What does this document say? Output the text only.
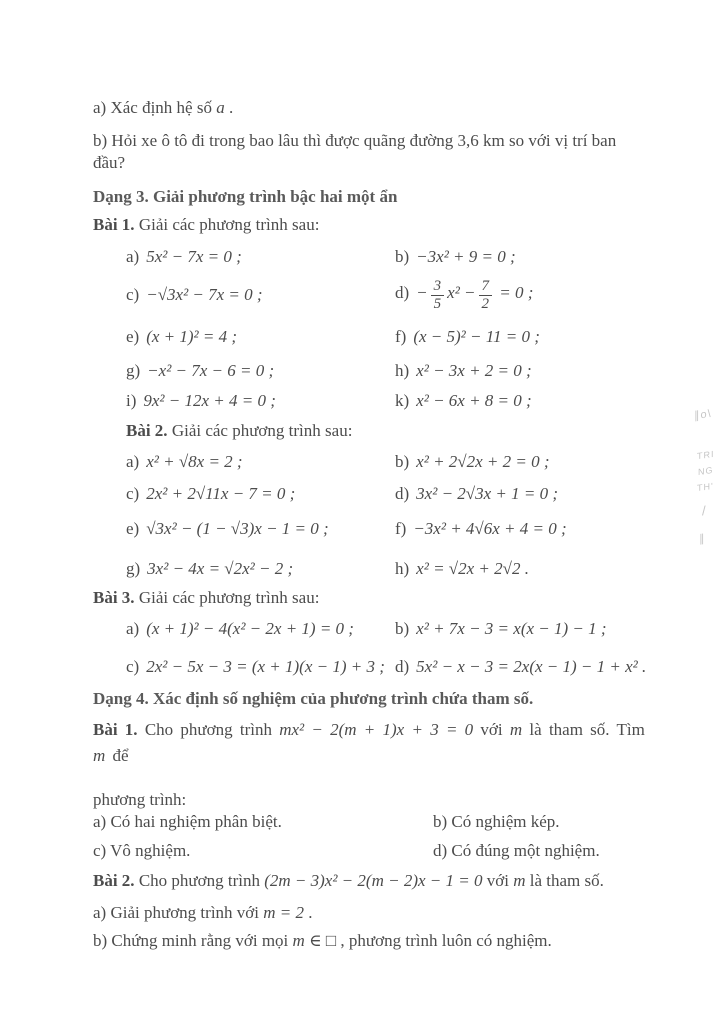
∥o\
TRI
NG
TH'
/
∥

a) Xác định hệ số a .

b) Hỏi xe ô tô đi trong bao lâu thì được quãng đường 3,6 km so với vị trí ban đầu?

Dạng 3. Giải phương trình bậc hai một ẩn

Bài 1. Giải các phương trình sau:

a) 5x² − 7x = 0 ;	b) −3x² + 9 = 0 ;
c) −√3x² − 7x = 0 ;	$d) - \frac{3}{5} x^2 - \frac{7}{2} = 0$ ;
e) (x + 1)² = 4 ;	f) (x − 5)² − 11 = 0 ;
g) −x² − 7x − 6 = 0 ;	h) x² − 3x + 2 = 0 ;
i) 9x² − 12x + 4 = 0 ;	k) x² − 6x + 8 = 0 ;

Bài 2. Giải các phương trình sau:

a) x² + √8x = 2 ;	b) x² + 2√2x + 2 = 0 ;
c) 2x² + 2√11x − 7 = 0 ;	d) 3x² − 2√3x + 1 = 0 ;
e) √3x² − (1 − √3)x − 1 = 0 ;	f) −3x² + 4√6x + 4 = 0 ;
g) 3x² − 4x = √2x² − 2 ;	h) x² = √2x + 2√2 .

Bài 3. Giải các phương trình sau:

a) (x + 1)² − 4(x² − 2x + 1) = 0 ;	b) x² + 7x − 3 = x(x − 1) − 1 ;
c) 2x² − 5x − 3 = (x + 1)(x − 1) + 3 ; d) 5x² − x − 3 = 2x(x − 1) − 1 + x² .

Dạng 4. Xác định số nghiệm của phương trình chứa tham số.

Bài 1. Cho phương trình mx² − 2(m + 1)x + 3 = 0 với m là tham số. Tìm m để

phương trình:

a) Có hai nghiệm phân biệt.	b) Có nghiệm kép.
c) Vô nghiệm.	d) Có đúng một nghiệm.

Bài 2. Cho phương trình (2m − 3)x² − 2(m − 2)x − 1 = 0 với m là tham số.

a) Giải phương trình với m = 2 .

b) Chứng minh rằng với mọi m ∈ □ , phương trình luôn có nghiệm.
